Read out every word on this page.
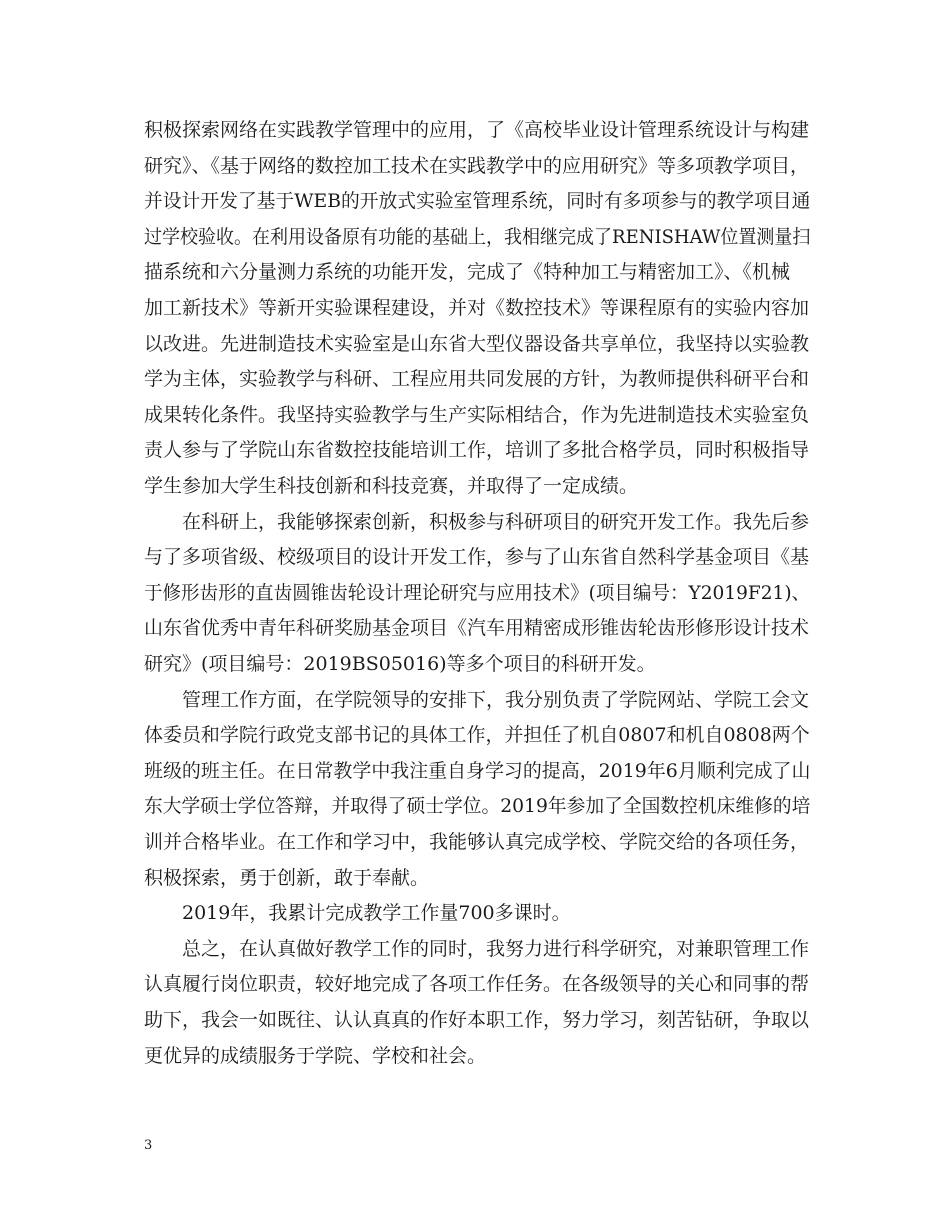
积极探索网络在实践教学管理中的应用，了《高校毕业设计管理系统设计与构建
研究》、《基于网络的数控加工技术在实践教学中的应用研究》等多项教学项目，
并设计开发了基于WEB的开放式实验室管理系统，同时有多项参与的教学项目通
过学校验收。在利用设备原有功能的基础上，我相继完成了RENISHAW位置测量扫
描系统和六分量测力系统的功能开发，完成了《特种加工与精密加工》、《机械
加工新技术》等新开实验课程建设，并对《数控技术》等课程原有的实验内容加
以改进。先进制造技术实验室是山东省大型仪器设备共享单位，我坚持以实验教
学为主体，实验教学与科研、工程应用共同发展的方针，为教师提供科研平台和
成果转化条件。我坚持实验教学与生产实际相结合，作为先进制造技术实验室负
责人参与了学院山东省数控技能培训工作，培训了多批合格学员，同时积极指导
学生参加大学生科技创新和科技竞赛，并取得了一定成绩。
在科研上，我能够探索创新，积极参与科研项目的研究开发工作。我先后参
与了多项省级、校级项目的设计开发工作，参与了山东省自然科学基金项目《基
于修形齿形的直齿圆锥齿轮设计理论研究与应用技术》(项目编号：Y2019F21)、
山东省优秀中青年科研奖励基金项目《汽车用精密成形锥齿轮齿形修形设计技术
研究》(项目编号：2019BS05016)等多个项目的科研开发。
管理工作方面，在学院领导的安排下，我分别负责了学院网站、学院工会文
体委员和学院行政党支部书记的具体工作，并担任了机自0807和机自0808两个
班级的班主任。在日常教学中我注重自身学习的提高，2019年6月顺利完成了山
东大学硕士学位答辩，并取得了硕士学位。2019年参加了全国数控机床维修的培
训并合格毕业。在工作和学习中，我能够认真完成学校、学院交给的各项任务，
积极探索，勇于创新，敢于奉献。
2019年，我累计完成教学工作量700多课时。
总之，在认真做好教学工作的同时，我努力进行科学研究，对兼职管理工作
认真履行岗位职责，较好地完成了各项工作任务。在各级领导的关心和同事的帮
助下，我会一如既往、认认真真的作好本职工作，努力学习，刻苦钻研，争取以
更优异的成绩服务于学院、学校和社会。
3
